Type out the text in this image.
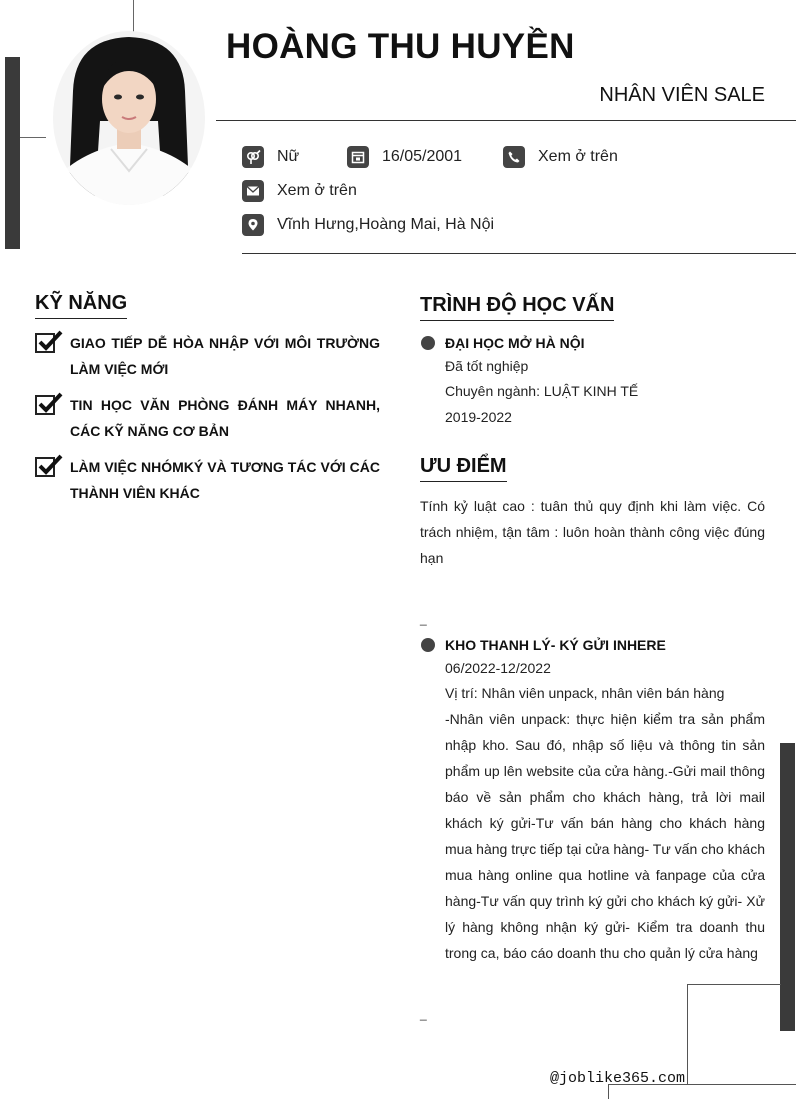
HOÀNG THU HUYỀN
NHÂN VIÊN SALE
Nữ	16/05/2001	Xem ở trên
Xem ở trên
Vĩnh Hưng,Hoàng Mai, Hà Nội
KỸ NĂNG
GIAO TIẾP DỄ HÒA NHẬP VỚI MÔI TRƯỜNG LÀM VIỆC MỚI
TIN HỌC VĂN PHÒNG ĐÁNH MÁY NHANH, CÁC KỸ NĂNG CƠ BẢN
LÀM VIỆC NHÓMKÝ VÀ TƯƠNG TÁC VỚI CÁC THÀNH VIÊN KHÁC
TRÌNH ĐỘ HỌC VẤN
ĐẠI HỌC MỞ HÀ NỘI
Đã tốt nghiệp
Chuyên ngành: LUẬT KINH TẾ
2019-2022
ƯU ĐIỂM
Tính kỷ luật cao : tuân thủ quy định khi làm việc. Có trách nhiệm, tận tâm : luôn hoàn thành công việc đúng hạn
_
KHO THANH LÝ- KÝ GỬI INHERE
06/2022-12/2022
Vị trí: Nhân viên unpack, nhân viên bán hàng
-Nhân viên unpack: thực hiện kiểm tra sản phẩm nhập kho. Sau đó, nhập số liệu và thông tin sản phẩm up lên website của cửa hàng.-Gửi mail thông báo về sản phẩm cho khách hàng, trả lời mail khách ký gửi-Tư vấn bán hàng cho khách hàng mua hàng trực tiếp tại cửa hàng- Tư vấn cho khách mua hàng online qua hotline và fanpage của cửa hàng-Tư vấn quy trình ký gửi cho khách ký gửi- Xử lý hàng không nhận ký gửi- Kiểm tra doanh thu trong ca, báo cáo doanh thu cho quản lý cửa hàng
_
@joblike365.com
